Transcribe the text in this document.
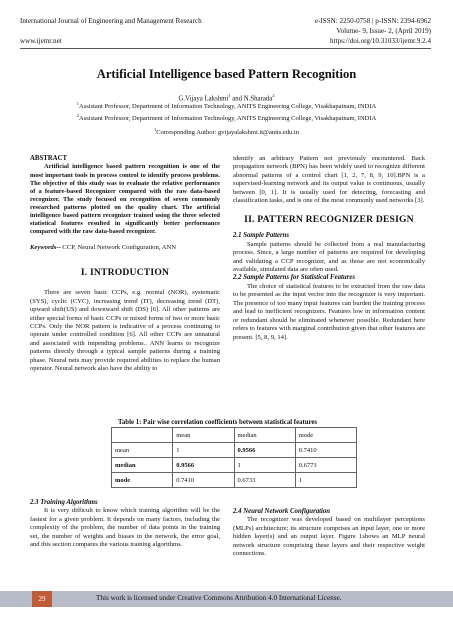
International Journal of Engineering and Management Research
www.ijemr.net
e-ISSN: 2250-0758 | p-ISSN: 2394-6962
Volume- 9, Issue- 2, (April 2019)
https://doi.org/10.31033/ijemr.9.2.4
Artificial Intelligence based Pattern Recognition
G.Vijaya Lakshmi$^1$ and N.Sharada$^2$
$^1$Assistant Professor, Department of Information Technology, ANITS Engineering College, Visakhapatnam, INDIA
$^2$Assistant Professor, Department of Information Technology, ANITS Engineering College, Visakhapatnam, INDIA
$^1$Corresponding Author: gvijayalakshmi.it@anits.edu.in
ABSTRACT
Artificial intelligence based pattern recognition is one of the most important tools in process control to identify process problems. The objective of this study was to evaluate the relative performance of a feature-based Recognizer compared with the raw data-based recognizer. The study focused on recognition of seven commonly researched patterns plotted on the quality chart. The artificial intelligence based pattern recognizer trained using the three selected statistical features resulted in significantly better performance compared with the raw data-based recognizer.
Keywords-- CCP, Neural Network Configuration, ANN
I. INTRODUCTION
There are seven basic CCPs, e.g. normal (NOR), systematic (SYS), cyclic (CYC), increasing trend (IT), decreasing trend (DT), upward shift(US) and downward shift (DS) [6]. All other patterns are either special forms of basic CCPs or mixed forms of two or more basic CCPs. Only the NOR pattern is indicative of a process continuing to operate under controlled condition [6]. All other CCPs are unnatural and associated with impending problems.. ANN learns to recognize patterns directly through a typical sample patterns during a training phase. Neural nets may provide required abilities to replace the human operator. Neural network also have the ability to
identify an arbitrary Pattern not previously encountered. Back propagation network (BPN) has been widely used to recognize different abnormal patterns of a control chart [1, 2, 7, 8, 9, 10].BPN is a supervised-learning network and its output value is continuous, usually between [0, 1]. It is usually used for detecting, forecasting and classification tasks, and is one of the most commonly used networks [3].
II. PATTERN RECOGNIZER DESIGN
2.1 Sample Patterns
Sample patterns should be collected from a real manufacturing process. Since, a large number of patterns are required for developing and validating a CCP recognizer, and as those are not economically available, simulated data are often used.
2.2 Sample Patterns for Statistical Features
The choice of statistical features to be extracted from the raw data to be presented as the input vector into the recognizer is very important. The presence of too many input features can burden the training process and lead to inefficient recognizers. Features low in information content or redundant should be eliminated whenever possible. Redundant here refers to features with marginal contribution given that other features are present. [5, 8, 9, 14].
Table 1: Pair wise correlation coefficients between statistical features
	mean	median	mode
mean	1	0.9566	0.7410
median	0.9566	1	0.6773
mode	0.7410	0.6733	1
2.3 Training Algorithms
It is very difficult to know which training algorithm will be the fastest for a given problem. It depends on many factors, including the complexity of the problem, the number of data points in the training set, the number of weights and biases in the network, the error goal, and this section compares the various training algorithms.
2.4 Neural Network Configuration
The recognizer was developed based on multilayer perceptions (MLPs) architecture; its structure comprises an input layer, one or more hidden layer(s) and an output layer. Figure 1shows an MLP neural network structure comprising these layers and their respective weight connections.
29	This work is licensed under Creative Commons Attribution 4.0 International License.
